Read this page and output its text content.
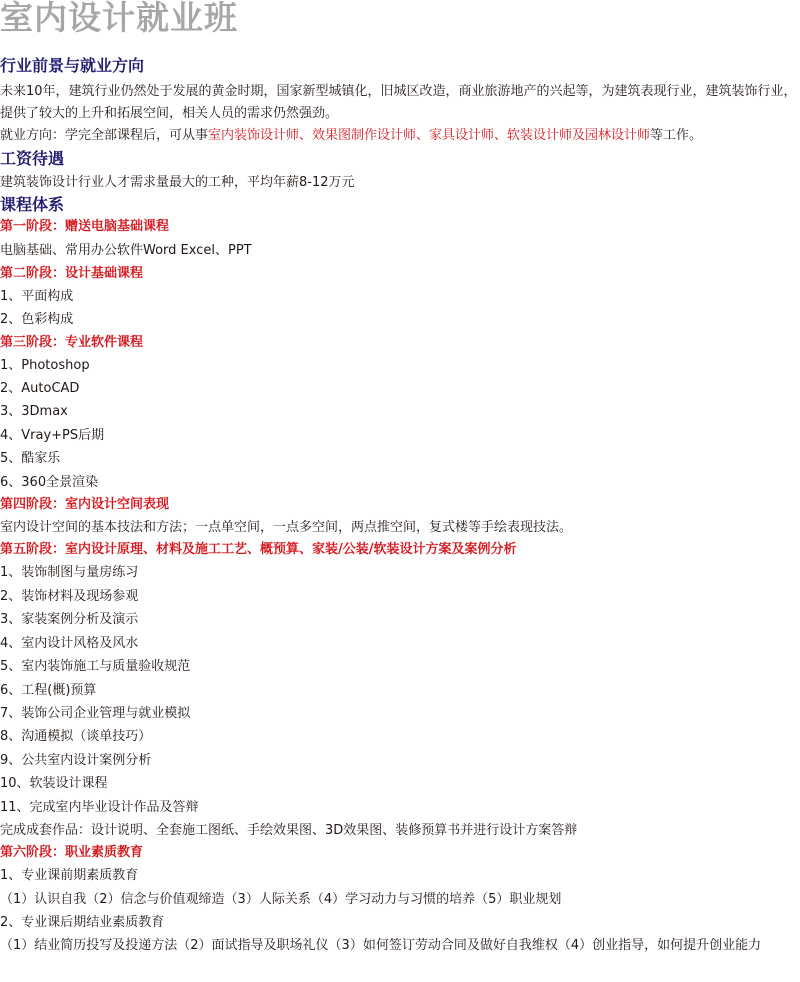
室内设计就业班
行业前景与就业方向
未来10年，建筑行业仍然处于发展的黄金时期，国家新型城镇化，旧城区改造，商业旅游地产的兴起等，为建筑表现行业，建筑装饰行业，提供了较大的上升和拓展空间，相关人员的需求仍然强劲。
就业方向：学完全部课程后，可从事室内装饰设计师、效果图制作设计师、家具设计师、软装设计师及园林设计师等工作。
工资待遇
建筑装饰设计行业人才需求量最大的工种，平均年薪8-12万元
课程体系
第一阶段：赠送电脑基础课程
电脑基础、常用办公软件Word Excel、PPT
第二阶段：设计基础课程
1、平面构成
2、色彩构成
第三阶段：专业软件课程
1、Photoshop
2、AutoCAD
3、3Dmax
4、Vray+PS后期
5、酷家乐
6、360全景渲染
第四阶段：室内设计空间表现
室内设计空间的基本技法和方法；一点单空间，一点多空间，两点推空间，复式楼等手绘表现技法。
第五阶段：室内设计原理、材料及施工工艺、概预算、家装/公装/软装设计方案及案例分析
1、装饰制图与量房练习
2、装饰材料及现场参观
3、家装案例分析及演示
4、室内设计风格及风水
5、室内装饰施工与质量验收规范
6、工程(概)预算
7、装饰公司企业管理与就业模拟
8、沟通模拟（谈单技巧）
9、公共室内设计案例分析
10、软装设计课程
11、完成室内毕业设计作品及答辩
完成成套作品：设计说明、全套施工图纸、手绘效果图、3D效果图、装修预算书并进行设计方案答辩
第六阶段：职业素质教育
1、专业课前期素质教育
（1）认识自我（2）信念与价值观缔造（3）人际关系（4）学习动力与习惯的培养（5）职业规划
2、专业课后期结业素质教育
（1）结业简历投写及投递方法（2）面试指导及职场礼仪（3）如何签订劳动合同及做好自我维权（4）创业指导，如何提升创业能力
